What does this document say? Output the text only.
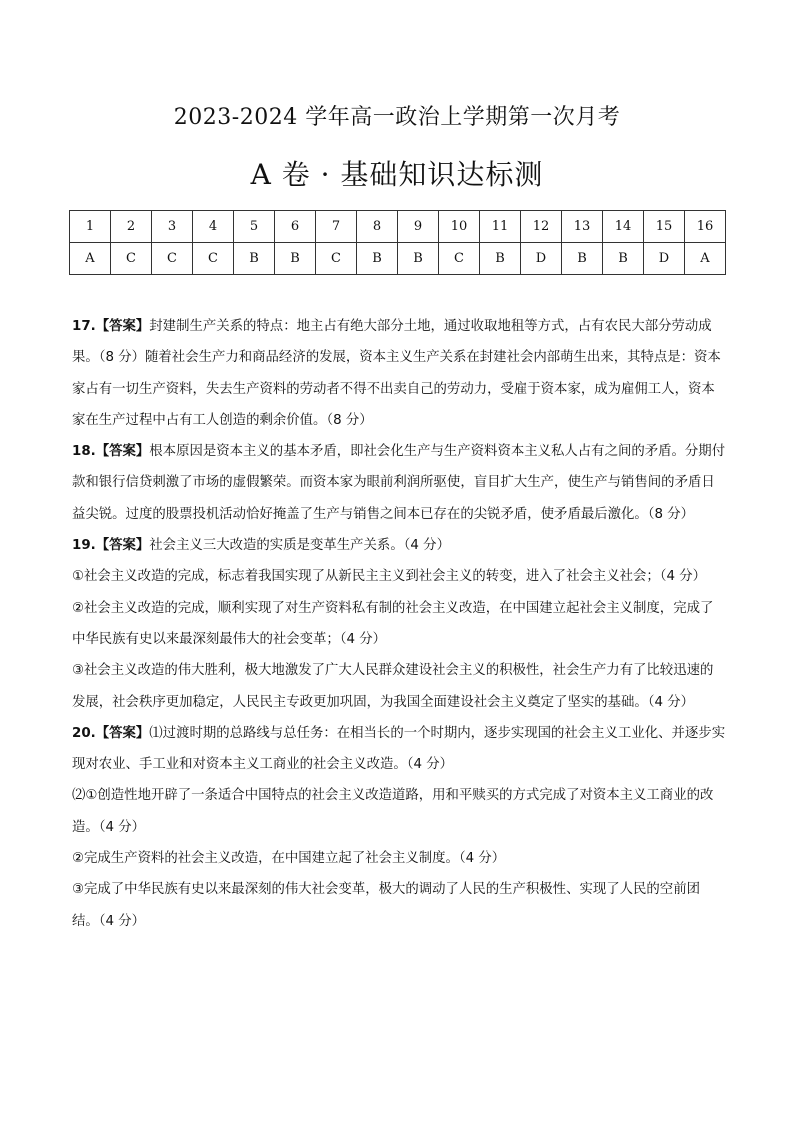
2023-2024 学年高一政治上学期第一次月考
A 卷 · 基础知识达标测
1	2	3	4	5	6	7	8	9	10	11	12	13	14	15	16
A	C	C	C	B	B	C	B	B	C	B	D	B	B	D	A

17.【答案】封建制生产关系的特点：地主占有绝大部分土地，通过收取地租等方式，占有农民大部分劳动成果。（8 分）随着社会生产力和商品经济的发展，资本主义生产关系在封建社会内部萌生出来，其特点是：资本家占有一切生产资料，失去生产资料的劳动者不得不出卖自己的劳动力，受雇于资本家，成为雇佣工人，资本家在生产过程中占有工人创造的剩余价值。（8 分）

18.【答案】根本原因是资本主义的基本矛盾，即社会化生产与生产资料资本主义私人占有之间的矛盾。分期付款和银行信贷刺激了市场的虚假繁荣。而资本家为眼前利润所驱使，盲目扩大生产，使生产与销售间的矛盾日益尖锐。过度的股票投机活动恰好掩盖了生产与销售之间本已存在的尖锐矛盾，使矛盾最后激化。（8 分）

19.【答案】社会主义三大改造的实质是变革生产关系。（4 分）

①社会主义改造的完成，标志着我国实现了从新民主主义到社会主义的转变，进入了社会主义社会；（4 分）

②社会主义改造的完成，顺利实现了对生产资料私有制的社会主义改造，在中国建立起社会主义制度，完成了中华民族有史以来最深刻最伟大的社会变革；（4 分）

③社会主义改造的伟大胜利，极大地激发了广大人民群众建设社会主义的积极性，社会生产力有了比较迅速的发展，社会秩序更加稳定，人民民主专政更加巩固，为我国全面建设社会主义奠定了坚实的基础。（4 分）

20.【答案】⑴过渡时期的总路线与总任务：在相当长的一个时期内，逐步实现国的社会主义工业化、并逐步实现对农业、手工业和对资本主义工商业的社会主义改造。（4 分）

⑵①创造性地开辟了一条适合中国特点的社会主义改造道路，用和平赎买的方式完成了对资本主义工商业的改造。（4 分）

②完成生产资料的社会主义改造，在中国建立起了社会主义制度。（4 分）

③完成了中华民族有史以来最深刻的伟大社会变革，极大的调动了人民的生产积极性、实现了人民的空前团结。（4 分）
